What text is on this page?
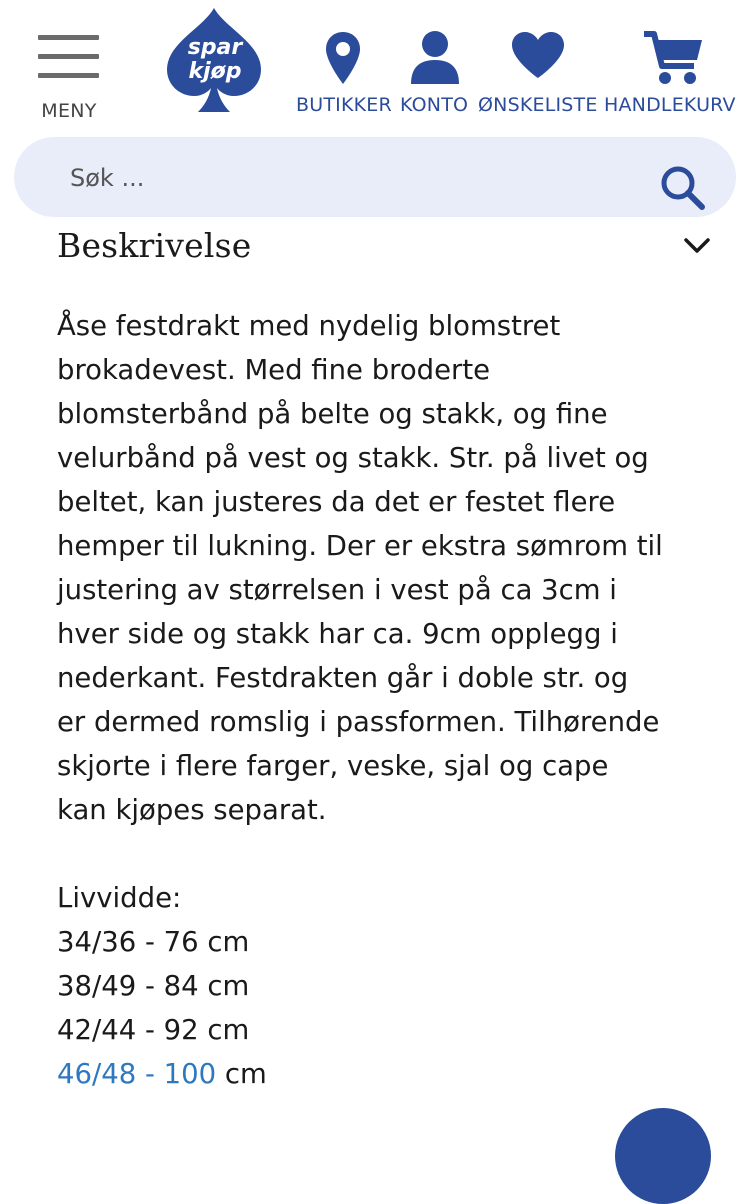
MENY
spar
kjøp
BUTIKKER KONTO ØNSKELISTE HANDLEKURV
Søk ...
Beskrivelse

Åse festdrakt med nydelig blomstret

brokadevest. Med fine broderte

blomsterbånd på belte og stakk, og fine

velurbånd på vest og stakk. Str. på livet og

beltet, kan justeres da det er festet flere

hemper til lukning. Der er ekstra sømrom til

justering av størrelsen i vest på ca 3cm i

hver side og stakk har ca. 9cm opplegg i

nederkant. Festdrakten går i doble str. og

er dermed romslig i passformen. Tilhørende

skjorte i flere farger, veske, sjal og cape

kan kjøpes separat.

Livvidde:
34/36 - 76 cm
38/49 - 84 cm
42/44 - 92 cm
46/48 - 100 cm
